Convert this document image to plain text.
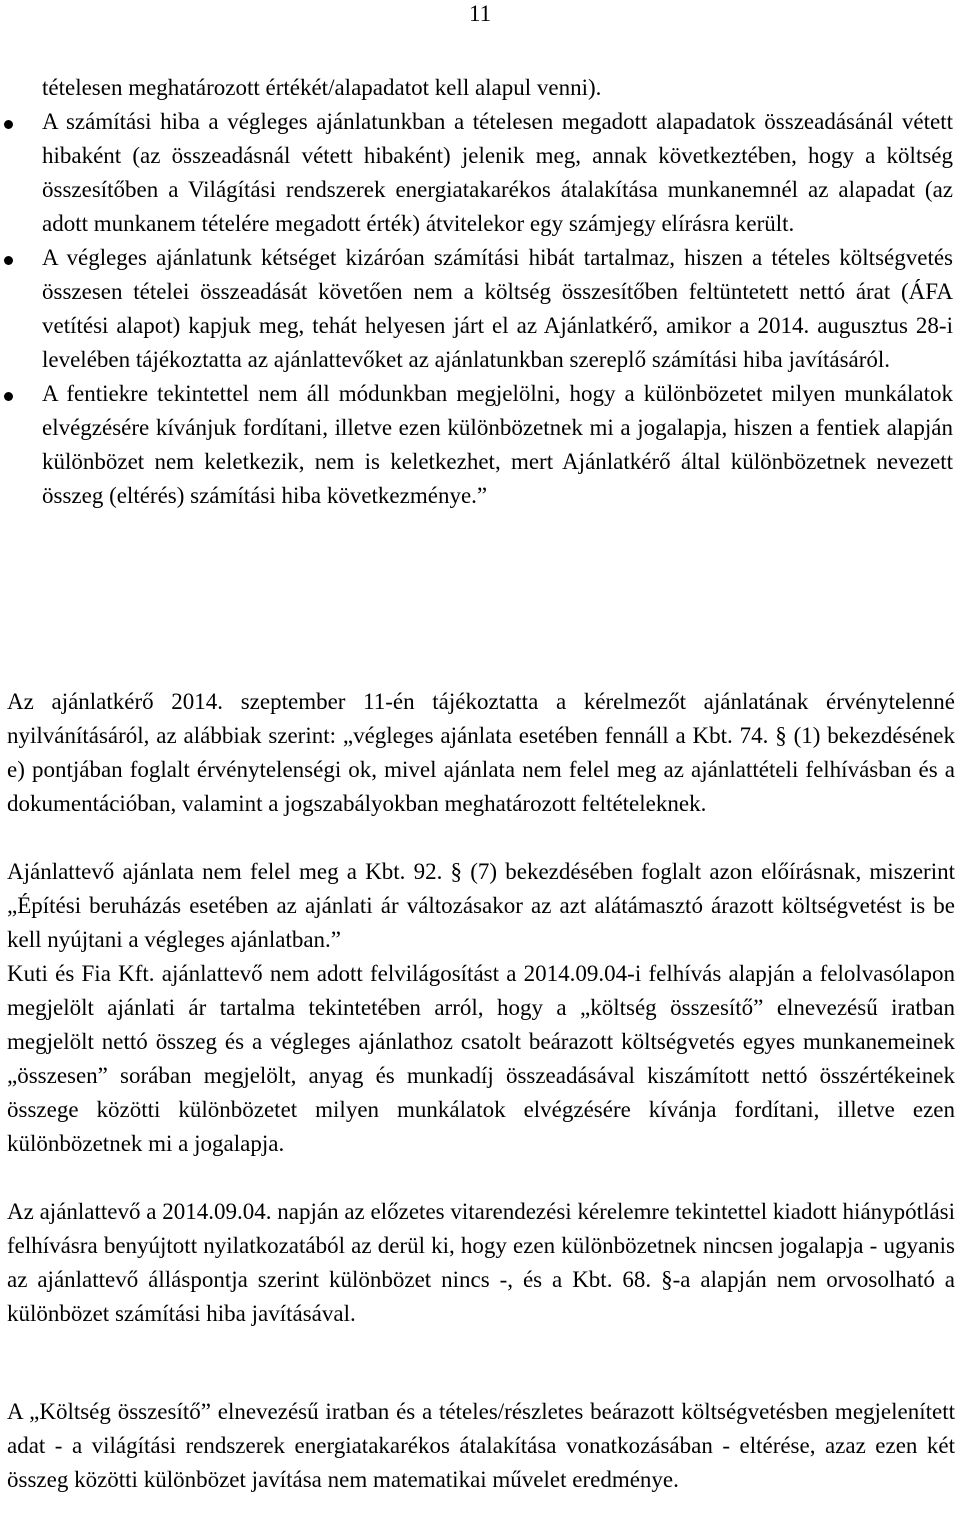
11
tételesen meghatározott értékét/alapadatot kell alapul venni).
A számítási hiba a végleges ajánlatunkban a tételesen megadott alapadatok összeadásánál vétett hibaként (az összeadásnál vétett hibaként) jelenik meg, annak következtében, hogy a költség összesítőben a Világítási rendszerek energiatakarékos átalakítása munkanemnél az alapadat (az adott munkanem tételére megadott érték) átvitelekor egy számjegy elírásra került.
A végleges ajánlatunk kétséget kizáróan számítási hibát tartalmaz, hiszen a tételes költségvetés összesen tételei összeadását követően nem a költség összesítőben feltüntetett nettó árat (ÁFA vetítési alapot) kapjuk meg, tehát helyesen járt el az Ajánlatkérő, amikor a 2014. augusztus 28-i levelében tájékoztatta az ajánlattevőket az ajánlatunkban szereplő számítási hiba javításáról.
A fentiekre tekintettel nem áll módunkban megjelölni, hogy a különbözetet milyen munkálatok elvégzésére kívánjuk fordítani, illetve ezen különbözetnek mi a jogalapja, hiszen a fentiek alapján különbözet nem keletkezik, nem is keletkezhet, mert Ajánlatkérő által különbözetnek nevezett összeg (eltérés) számítási hiba következménye.”

Az ajánlatkérő 2014. szeptember 11-én tájékoztatta a kérelmezőt ajánlatának érvénytelenné nyilvánításáról, az alábbiak szerint: „végleges ajánlata esetében fennáll a Kbt. 74. § (1) bekezdésének e) pontjában foglalt érvénytelenségi ok, mivel ajánlata nem felel meg az ajánlattételi felhívásban és a dokumentációban, valamint a jogszabályokban meghatározott feltételeknek.

Ajánlattevő ajánlata nem felel meg a Kbt. 92. § (7) bekezdésében foglalt azon előírásnak, miszerint „Építési beruházás esetében az ajánlati ár változásakor az azt alátámasztó árazott költségvetést is be kell nyújtani a végleges ajánlatban.”

Kuti és Fia Kft. ajánlattevő nem adott felvilágosítást a 2014.09.04-i felhívás alapján a felolvasólapon megjelölt ajánlati ár tartalma tekintetében arról, hogy a „költség összesítő” elnevezésű iratban megjelölt nettó összeg és a végleges ajánlathoz csatolt beárazott költségvetés egyes munkanemeinek „összesen” sorában megjelölt, anyag és munkadíj összeadásával kiszámított nettó összértékeinek összege közötti különbözetet milyen munkálatok elvégzésére kívánja fordítani, illetve ezen különbözetnek mi a jogalapja.

Az ajánlattevő a 2014.09.04. napján az előzetes vitarendezési kérelemre tekintettel kiadott hiánypótlási felhívásra benyújtott nyilatkozatából az derül ki, hogy ezen különbözetnek nincsen jogalapja - ugyanis az ajánlattevő álláspontja szerint különbözet nincs -, és a Kbt. 68. §-a alapján nem orvosolható a különbözet számítási hiba javításával.

A „Költség összesítő” elnevezésű iratban és a tételes/részletes beárazott költségvetésben megjelenített adat - a világítási rendszerek energiatakarékos átalakítása vonatkozásában - eltérése, azaz ezen két összeg közötti különbözet javítása nem matematikai művelet eredménye.
